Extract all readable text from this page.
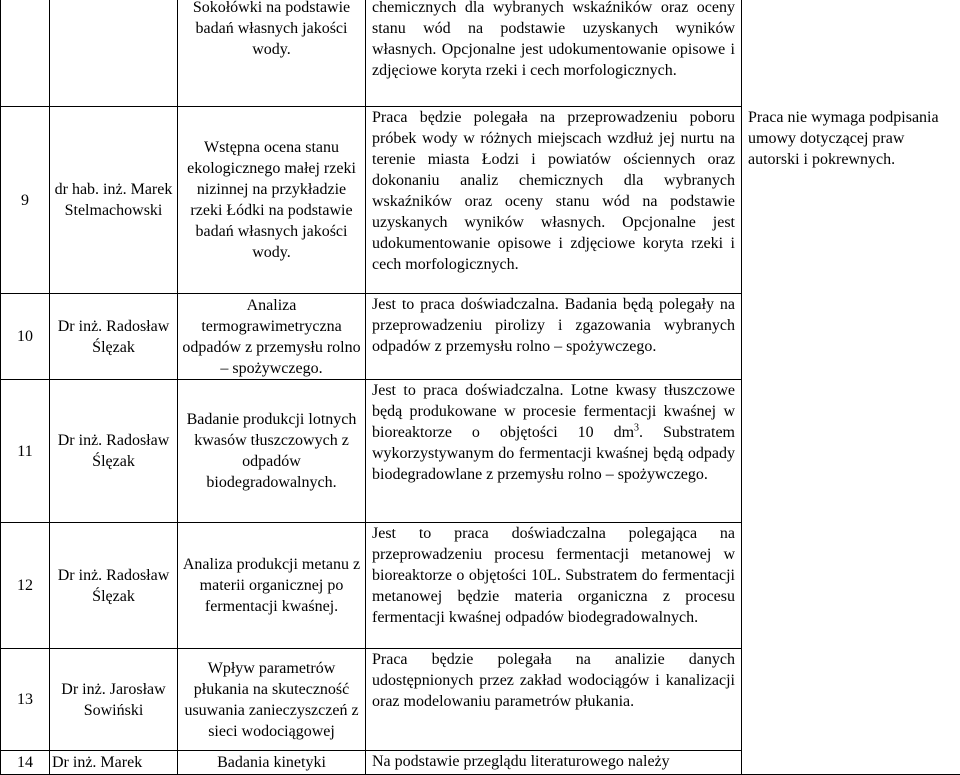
		Sokołówki na podstawie badań własnych jakości wody.	chemicznych dla wybranych wskaźników oraz oceny stanu wód na podstawie uzyskanych wyników własnych. Opcjonalne jest udokumentowanie opisowe i zdjęciowe koryta rzeki i cech morfologicznych.	Praca nie wymaga podpisania umowy dotyczącej praw autorski i pokrewnych.
9	dr hab. inż. Marek Stelmachowski	Wstępna ocena stanu ekologicznego małej rzeki nizinnej na przykładzie rzeki Łódki na podstawie badań własnych jakości wody.	Praca będzie polegała na przeprowadzeniu poboru próbek wody w różnych miejscach wzdłuż jej nurtu na terenie miasta Łodzi i powiatów ościennych oraz dokonaniu analiz chemicznych dla wybranych wskaźników oraz oceny stanu wód na podstawie uzyskanych wyników własnych. Opcjonalne jest udokumentowanie opisowe i zdjęciowe koryta rzeki i cech morfologicznych.	
10	Dr inż. Radosław Ślęzak	Analiza termograwimetryczna odpadów z przemysłu rolno – spożywczego.	Jest to praca doświadczalna. Badania będą polegały na przeprowadzeniu pirolizy i zgazowania wybranych odpadów z przemysłu rolno – spożywczego.	
11	Dr inż. Radosław Ślęzak	Badanie produkcji lotnych kwasów tłuszczowych z odpadów biodegradowalnych.	Jest to praca doświadczalna. Lotne kwasy tłuszczowe będą produkowane w procesie fermentacji kwaśnej w bioreaktorze o objętości 10 $dm^3$. Substratem wykorzystywanym do fermentacji kwaśnej będą odpady biodegradowlane z przemysłu rolno – spożywczego.	
12	Dr inż. Radosław Ślęzak	Analiza produkcji metanu z materii organicznej po fermentacji kwaśnej.	Jest to praca doświadczalna polegająca na przeprowadzeniu procesu fermentacji metanowej w bioreaktorze o objętości 10L. Substratem do fermentacji metanowej będzie materia organiczna z procesu fermentacji kwaśnej odpadów biodegradowalnych.	
13	Dr inż. Jarosław Sowiński	Wpływ parametrów płukania na skuteczność usuwania zanieczyszczeń z sieci wodociągowej	Praca będzie polegała na analizie danych udostępnionych przez zakład wodociągów i kanalizacji oraz modelowaniu parametrów płukania.	
14	Dr inż. Marek	Badania kinetyki	Na podstawie przeglądu literaturowego należy	
